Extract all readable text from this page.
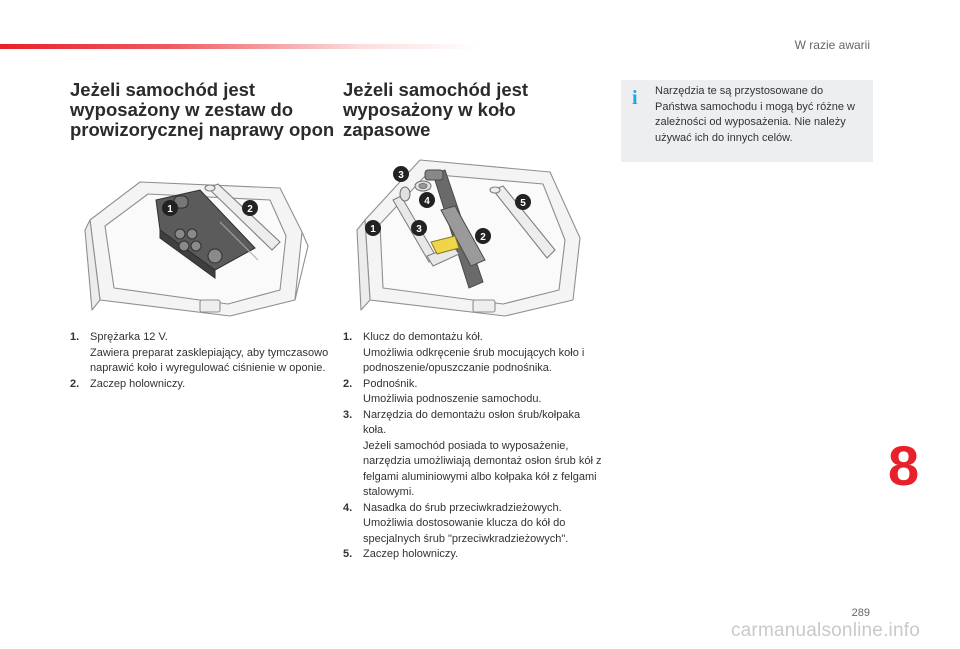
W razie awarii
Jeżeli samochód jest wyposażony w zestaw do prowizorycznej naprawy opon
Jeżeli samochód jest wyposażony w koło zapasowe
i	Narzędzia te są przystosowane do Państwa samochodu i mogą być różne w zależności od wyposażenia. Nie należy używać ich do innych celów.
1	2
3
4
1	3
2
5
1. Sprężarka 12 V.
Zawiera preparat zasklepiający, aby tymczasowo naprawić koło i wyregulować ciśnienie w oponie.
2. Zaczep holowniczy.
1. Klucz do demontażu kół.
Umożliwia odkręcenie śrub mocujących koło i podnoszenie/opuszczanie podnośnika.
2. Podnośnik.
Umożliwia podnoszenie samochodu.
3. Narzędzia do demontażu osłon śrub/kołpaka koła.
Jeżeli samochód posiada to wyposażenie, narzędzia umożliwiają demontaż osłon śrub kół z felgami aluminiowymi albo kołpaka kół z felgami stalowymi.
4. Nasadka do śrub przeciwkradzieżowych.
Umożliwia dostosowanie klucza do kół do specjalnych śrub "przeciwkradzieżowych".
5. Zaczep holowniczy.
8
289
carmanualsonline.info
